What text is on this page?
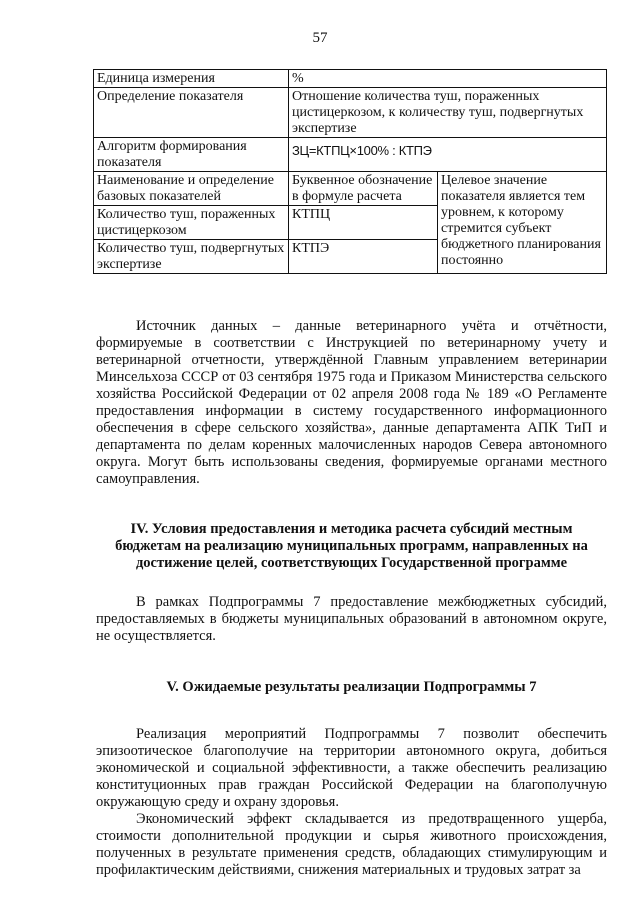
57
Единица измерения	%	
Определение показателя	Отношение количества туш, пораженных цистицеркозом, к количеству туш, подвергнутых экспертизе	
Алгоритм формирования показателя	ЗЦ=КТПЦ×100% : КТПЭ	
Наименование и определение базовых показателей	Буквенное обозначение в формуле расчета	Целевое значение показателя является тем уровнем, к которому стремится субъект бюджетного планирования постоянно
Количество туш, пораженных цистицеркозом	КТПЦ	
Количество туш, подвергнутых экспертизе	КТПЭ	

Источник данных – данные ветеринарного учёта и отчётности, формируемые в соответствии с Инструкцией по ветеринарному учету и ветеринарной отчетности, утверждённой Главным управлением ветеринарии Минсельхоза СССР от 03 сентября 1975 года и Приказом Министерства сельского хозяйства Российской Федерации от 02 апреля 2008 года № 189 «О Регламенте предоставления информации в систему государственного информационного обеспечения в сфере сельского хозяйства», данные департамента АПК ТиП и департамента по делам коренных малочисленных народов Севера автономного округа. Могут быть использованы сведения, формируемые органами местного самоуправления.

IV. Условия предоставления и методика расчета субсидий местным бюджетам на реализацию муниципальных программ, направленных на достижение целей, соответствующих Государственной программе

В рамках Подпрограммы 7 предоставление межбюджетных субсидий, предоставляемых в бюджеты муниципальных образований в автономном округе, не осуществляется.

V. Ожидаемые результаты реализации Подпрограммы 7

Реализация мероприятий Подпрограммы 7 позволит обеспечить эпизоотическое благополучие на территории автономного округа, добиться экономической и социальной эффективности, а также обеспечить реализацию конституционных прав граждан Российской Федерации на благополучную окружающую среду и охрану здоровья.

Экономический эффект складывается из предотвращенного ущерба, стоимости дополнительной продукции и сырья животного происхождения, полученных в результате применения средств, обладающих стимулирующим и профилактическим действиями, снижения материальных и трудовых затрат за
